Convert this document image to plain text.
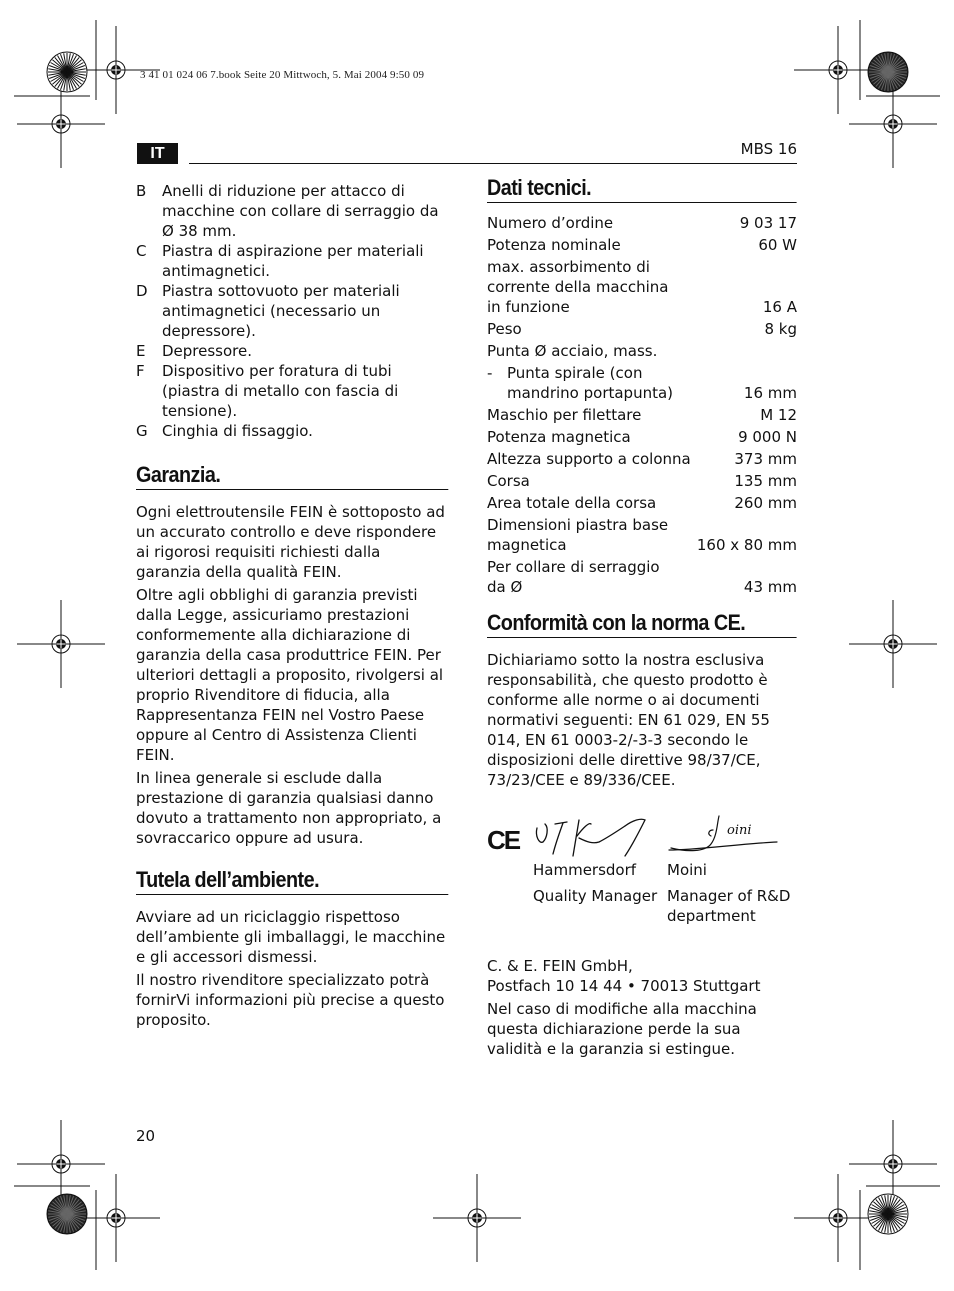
3 41 01 024 06 7.book Seite 20 Mittwoch, 5. Mai 2004 9:50 09
IT	MBS 16
B	Anelli di riduzione per attacco di macchine con collare di serraggio da Ø 38 mm.
C	Piastra di aspirazione per materiali antimagnetici.
D Piastra sottovuoto per materiali antimagnetici (necessario un depressore).
E	Depressore.
F	Dispositivo per foratura di tubi (piastra di metallo con fascia di tensione).
G Cinghia di fissaggio.
Garanzia.

Ogni elettroutensile FEIN è sottoposto ad un accurato controllo e deve rispondere ai rigorosi requisiti richiesti dalla garanzia della qualità FEIN.

Oltre agli obblighi di garanzia previsti dalla Legge, assicuriamo prestazioni conformemente alla dichiarazione di garanzia della casa produttrice FEIN. Per ulteriori dettagli a proposito, rivolgersi al proprio Rivenditore di fiducia, alla Rappresentanza FEIN nel Vostro Paese oppure al Centro di Assistenza Clienti FEIN.

In linea generale si esclude dalla prestazione di garanzia qualsiasi danno dovuto a trattamento non appropriato, a sovraccarico oppure ad usura.

Tutela dell’ambiente.

Avviare ad un riciclaggio rispettoso dell’ambiente gli imballaggi, le macchine e gli accessori dismessi.

Il nostro rivenditore specializzato potrà fornirVi informazioni più precise a questo proposito.

Dati tecnici.
Numero d’ordine	9 03 17
Potenza nominale	60 W
max. assorbimento di corrente della macchina in funzione	16 A
Peso	8 kg
Punta Ø acciaio, mass.
- Punta spirale (con mandrino portapunta)	16 mm
Maschio per filettare	M 12
Potenza magnetica	9 000 N
Altezza supporto a colonna	373 mm
Corsa	135 mm
Area totale della corsa	260 mm
Dimensioni piastra base magnetica	160 x 80 mm
Per collare di serraggio da Ø	43 mm
Conformità con la norma CE.

Dichiariamo sotto la nostra esclusiva responsabilità, che questo prodotto è conforme alle norme o ai documenti normativi seguenti: EN 61 029, EN 55 014, EN 61 0003-2/-3-3 secondo le disposizioni delle direttive 98/37/CE, 73/23/CEE e 89/336/CEE.

CE	oini
Hammersdorf
Quality Manager
Moini
Manager of R&D department
C. & E. FEIN GmbH,
Postfach 10 14 44 • 70013 Stuttgart

Nel caso di modifiche alla macchina questa dichiarazione perde la sua validità e la garanzia si estingue.

20
